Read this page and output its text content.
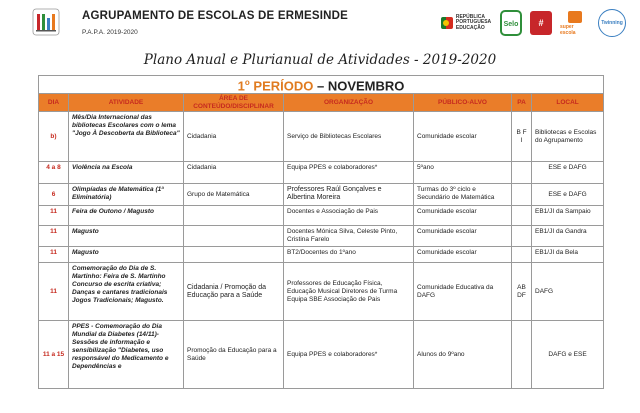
AGRUPAMENTO DE ESCOLAS DE ERMESINDE
P.A.P.A. 2019-2020
REPÚBLICA
PORTUGUESA
EDUCAÇÃO
Selo	#	super escola
Twinning
Plano Anual e Plurianual de Atividades - 2019-2020
1$^o$ PERÍODO – NOVEMBRO						
DIA	ATIVIDADE	ÁREA DE CONTEÚDO/DISCIPLINAR	ORGANIZAÇÃO	PÚBLICO-ALVO	PA	LOCAL
b)	Mês/Dia Internacional das bibliotecas Escolares com o lema "Jogo À Descoberta da Biblioteca"	Cidadania	Serviço de Bibliotecas Escolares	Comunidade escolar	B F I	Bibliotecas e Escolas do Agrupamento
4 a 8	Violência na Escola	Cidadania	Equipa PPES e colaboradores*	5ºano		ESE e DAFG
6	Olimpíadas de Matemática (1ª Eliminatória)	Grupo de Matemática	Professores Raúl Gonçalves e Albertina Moreira	Turmas do 3º ciclo e Secundário de Matemática		ESE e DAFG
11	Feira de Outono / Magusto		Docentes e Associação de Pais	Comunidade escolar		EB1/JI da Sampaio
11	Magusto		Docentes Mónica Silva, Celeste Pinto, Cristina Farelo	Comunidade escolar		EB1/JI da Gandra
11	Magusto		BT2/Docentes do 1ºano	Comunidade escolar		EB1/JI da Bela
11	Comemoração do Dia de S. Martinho: Feira de S. Martinho Concurso de escrita criativa; Danças e cantares tradicionais Jogos Tradicionais; Magusto.	Cidadania / Promoção da Educação para a Saúde	Professores de Educação Física, Educação Musical Diretores de Turma Equipa SBE Associação de Pais	Comunidade Educativa da DAFG	AB DF	DAFG
11 a 15	PPES - Comemoração do Dia Mundial da Diabetes (14/11)- Sessões de informação e sensibilização "Diabetes, uso responsável do Medicamento e Dependências e	Promoção da Educação para a Saúde	Equipa PPES e colaboradores*	Alunos do 9ºano		DAFG e ESE
